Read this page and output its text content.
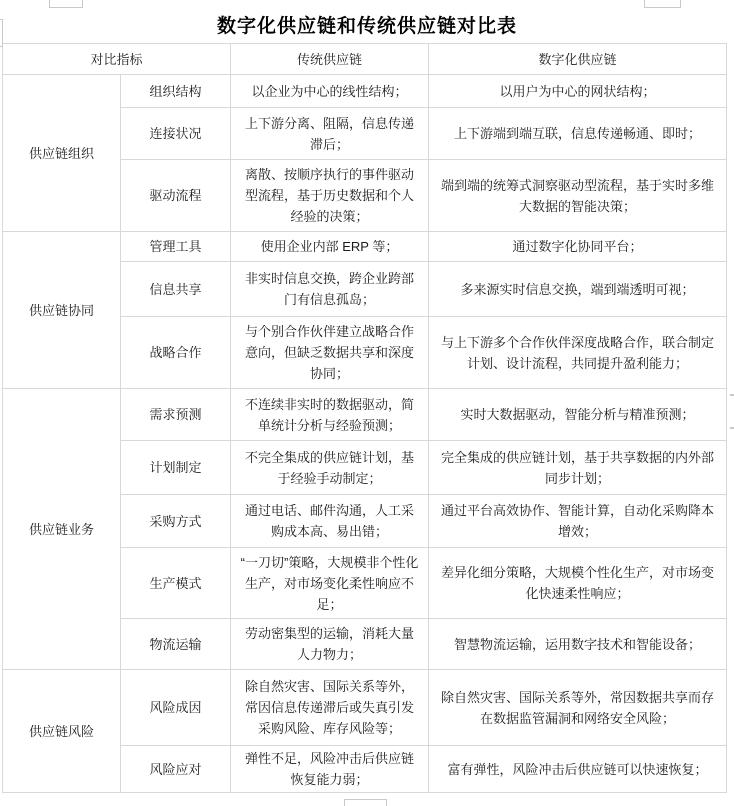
数字化供应链和传统供应链对比表
对比指标		传统供应链	数字化供应链
供应链组织	组织结构	以企业为中心的线性结构；	以用户为中心的网状结构；
	连接状况	上下游分离、阻隔，信息传递滞后；	上下游端到端互联，信息传递畅通、即时；
	驱动流程	离散、按顺序执行的事件驱动型流程，基于历史数据和个人经验的决策；	端到端的统筹式洞察驱动型流程，基于实时多维大数据的智能决策；
供应链协同	管理工具	使用企业内部 ERP 等；	通过数字化协同平台；
	信息共享	非实时信息交换，跨企业跨部门有信息孤岛；	多来源实时信息交换，端到端透明可视；
	战略合作	与个别合作伙伴建立战略合作意向，但缺乏数据共享和深度协同；	与上下游多个合作伙伴深度战略合作，联合制定计划、设计流程，共同提升盈利能力；
供应链业务	需求预测	不连续非实时的数据驱动，简单统计分析与经验预测；	实时大数据驱动，智能分析与精准预测；
	计划制定	不完全集成的供应链计划，基于经验手动制定；	完全集成的供应链计划，基于共享数据的内外部同步计划；
	采购方式	通过电话、邮件沟通，人工采购成本高、易出错；	通过平台高效协作、智能计算，自动化采购降本增效；
	生产模式	“一刀切”策略，大规模非个性化生产，对市场变化柔性响应不足；	差异化细分策略，大规模个性化生产，对市场变化快速柔性响应；
	物流运输	劳动密集型的运输，消耗大量人力物力；	智慧物流运输，运用数字技术和智能设备；
供应链风险	风险成因	除自然灾害、国际关系等外，常因信息传递滞后或失真引发采购风险、库存风险等；	除自然灾害、国际关系等外，常因数据共享而存在数据监管漏洞和网络安全风险；
	风险应对	弹性不足，风险冲击后供应链恢复能力弱；	富有弹性，风险冲击后供应链可以快速恢复；
